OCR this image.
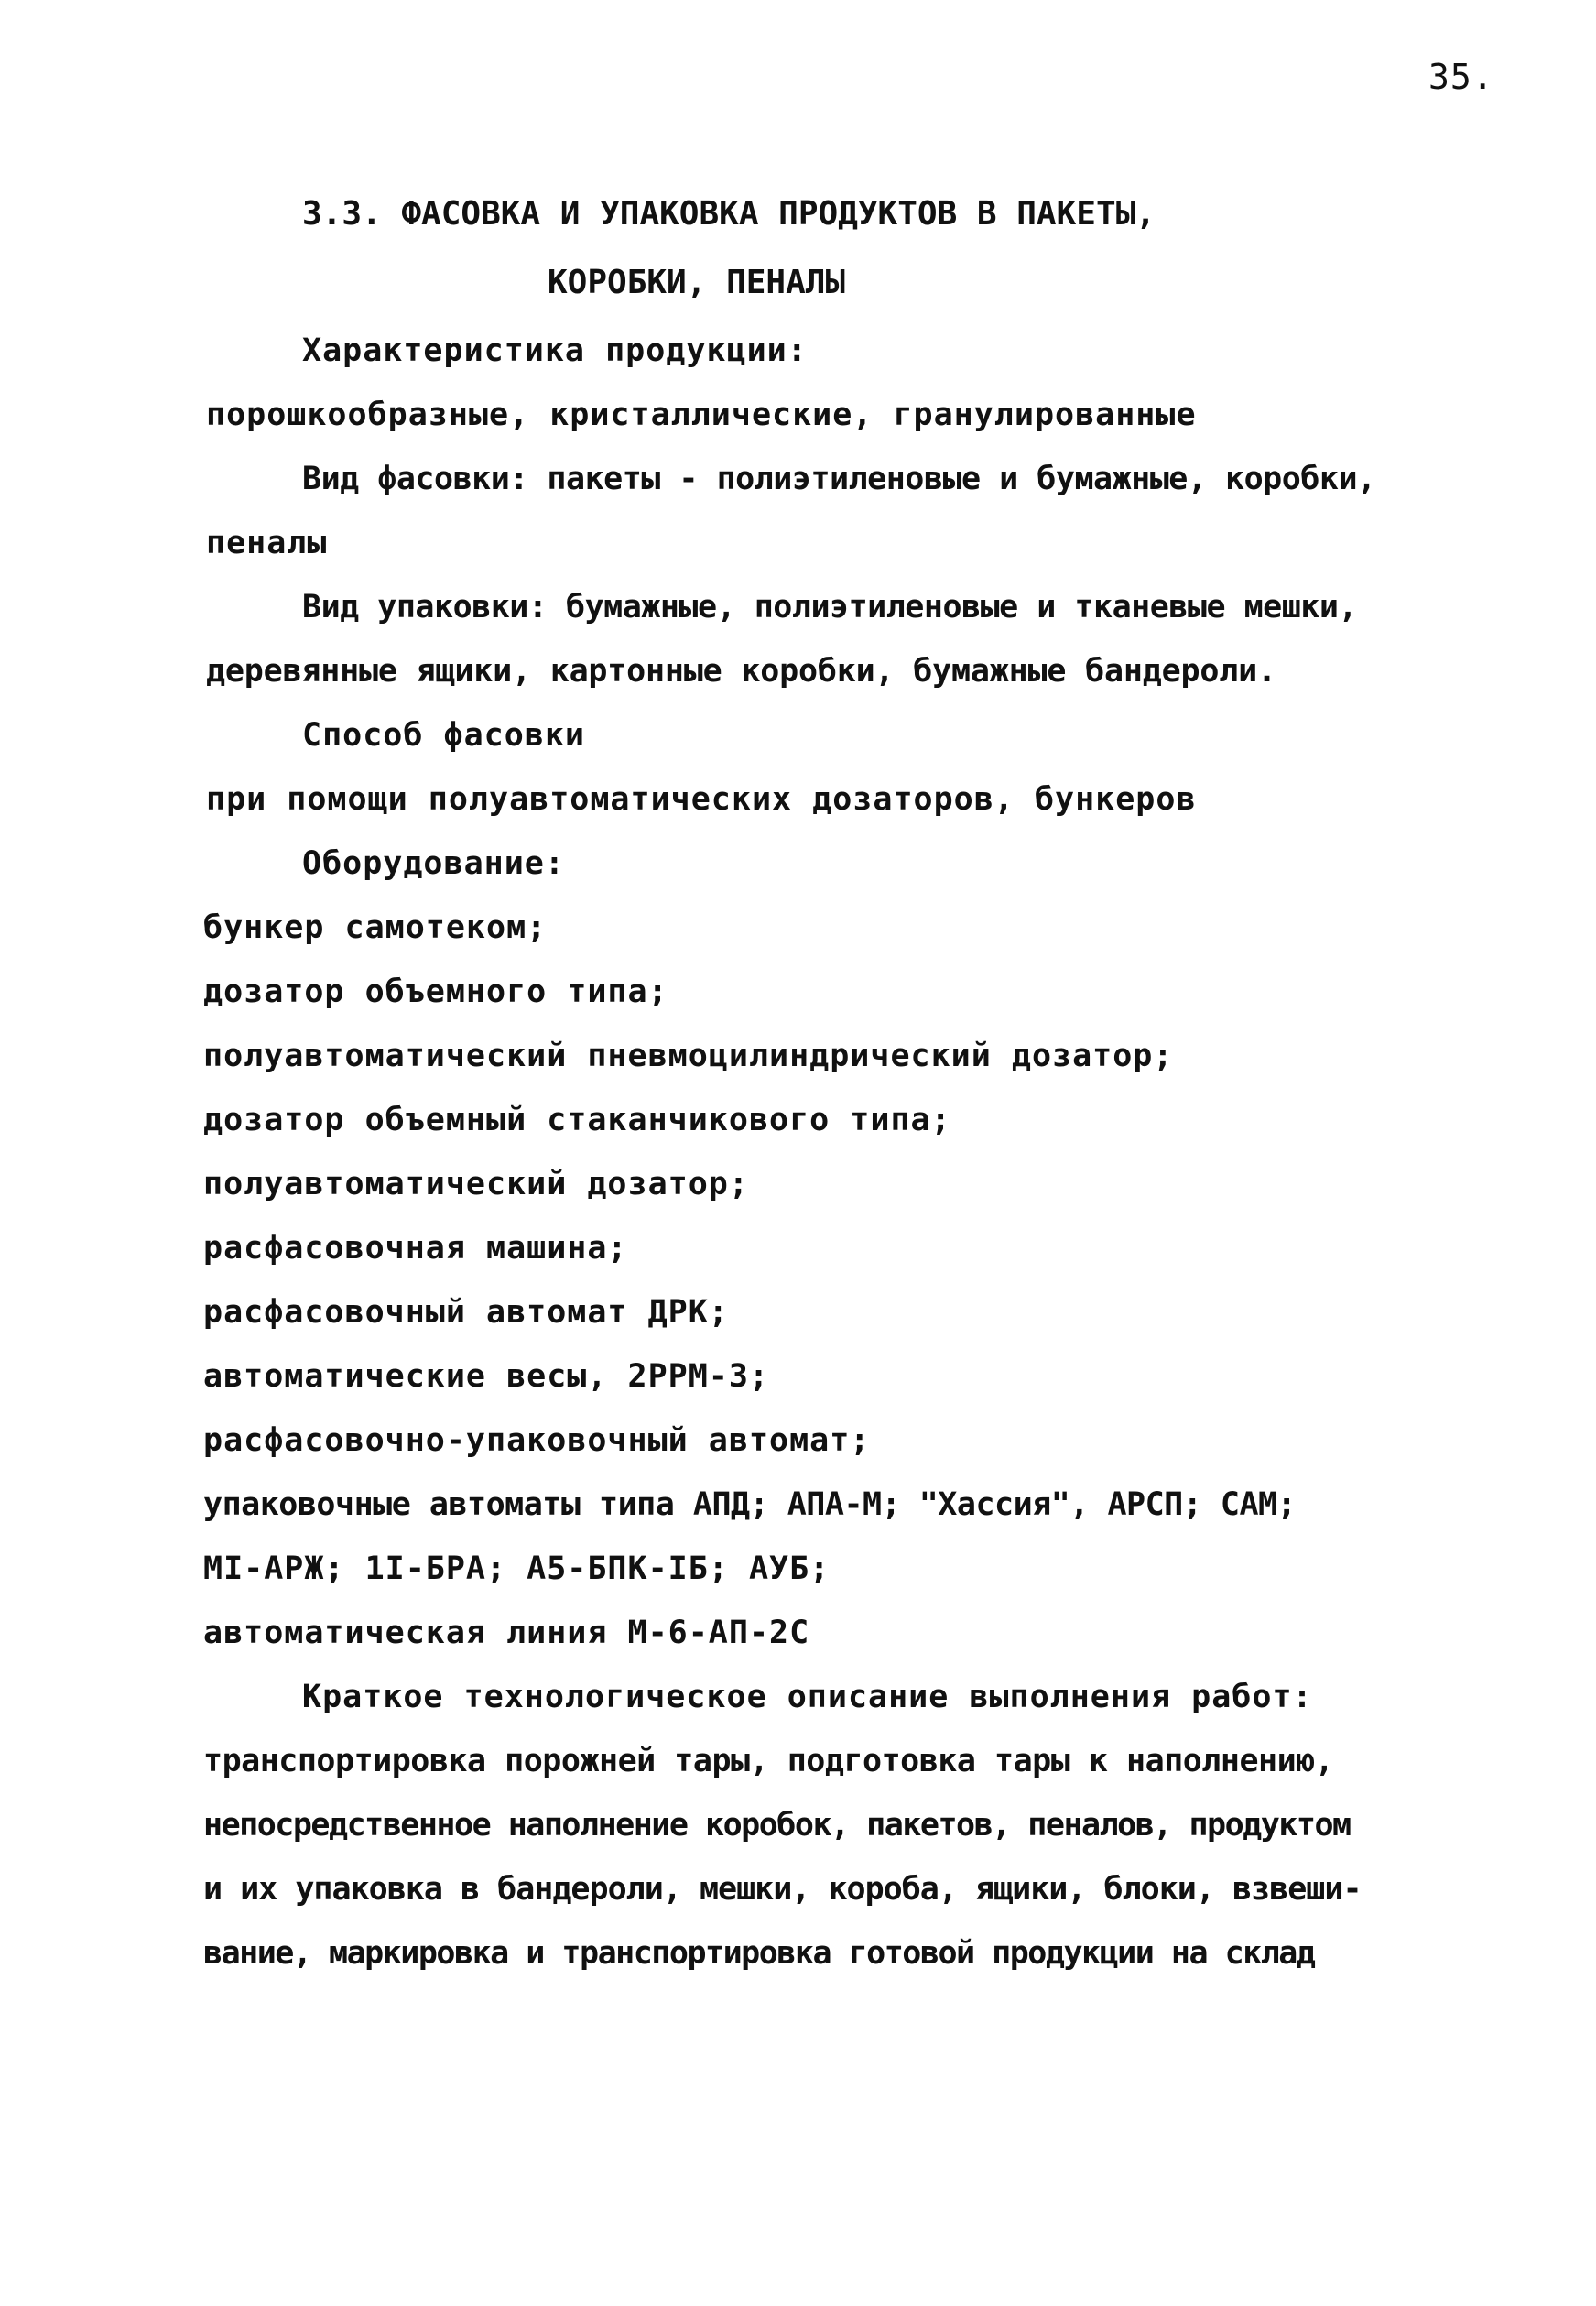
35.
3.3. ФАСОВКА И УПАКОВКА ПРОДУКТОВ В ПАКЕТЫ,
КОРОБКИ, ПЕНАЛЫ
Характеристика продукции:
порошкообразные, кристаллические, гранулированные
Вид фасовки: пакеты - полиэтиленовые и бумажные, коробки,
пеналы
Вид упаковки: бумажные, полиэтиленовые и тканевые мешки,
деревянные ящики, картонные коробки, бумажные бандероли.
Способ фасовки
при помощи полуавтоматических дозаторов, бункеров
Оборудование:
бункер самотеком;
дозатор объемного типа;
полуавтоматический пневмоцилиндрический дозатор;
дозатор объемный стаканчикового типа;
полуавтоматический дозатор;
расфасовочная машина;
расфасовочный автомат ДРК;
автоматические весы, 2РРМ-3;
расфасовочно-упаковочный автомат;
упаковочные автоматы типа АПД; АПА-М; "Хассия", АРСП; САМ;
МI-АРЖ; 1I-БРА; А5-БПК-IБ; АУБ;
автоматическая линия М-6-АП-2С
Краткое технологическое описание выполнения работ:
транспортировка порожней тары, подготовка тары к наполнению,
непосредственное наполнение коробок, пакетов, пеналов, продуктом
и их упаковка в бандероли, мешки, короба, ящики, блоки, взвеши-
вание, маркировка и транспортировка готовой продукции на склад
